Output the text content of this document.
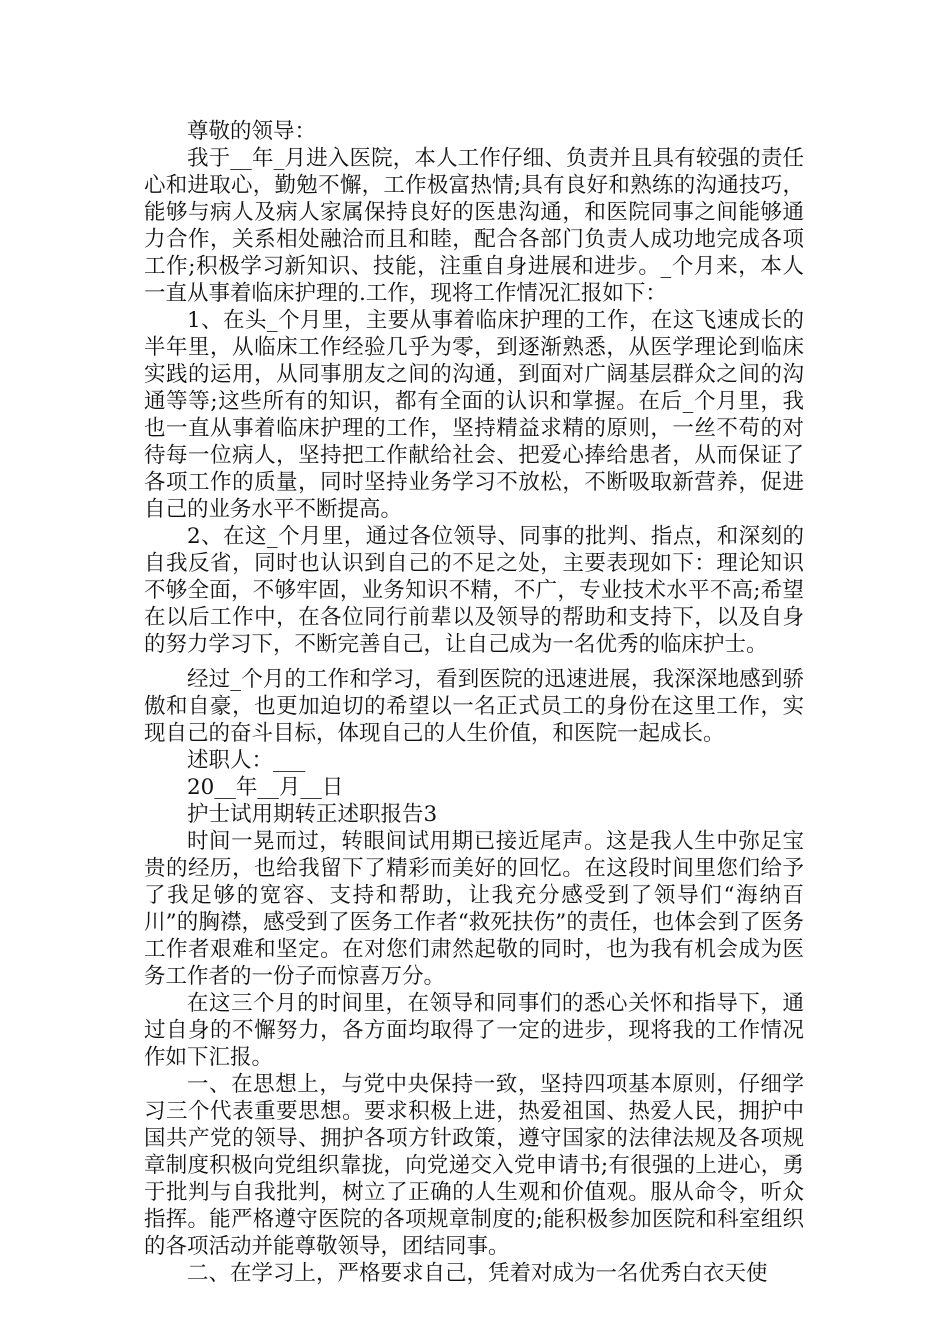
尊敬的领导：

我于__年_月进入医院，本人工作仔细、负责并且具有较强的责任心和进取心，勤勉不懈，工作极富热情;具有良好和熟练的沟通技巧，能够与病人及病人家属保持良好的医患沟通，和医院同事之间能够通力合作，关系相处融洽而且和睦，配合各部门负责人成功地完成各项工作;积极学习新知识、技能，注重自身进展和进步。_个月来，本人一直从事着临床护理的.工作，现将工作情况汇报如下：

1、在头_个月里，主要从事着临床护理的工作，在这飞速成长的半年里，从临床工作经验几乎为零，到逐渐熟悉，从医学理论到临床实践的运用，从同事朋友之间的沟通，到面对广阔基层群众之间的沟通等等;这些所有的知识，都有全面的认识和掌握。在后_个月里，我也一直从事着临床护理的工作，坚持精益求精的原则，一丝不苟的对待每一位病人，坚持把工作献给社会、把爱心捧给患者，从而保证了各项工作的质量，同时坚持业务学习不放松，不断吸取新营养，促进自己的业务水平不断提高。

2、在这_个月里，通过各位领导、同事的批判、指点，和深刻的自我反省，同时也认识到自己的不足之处，主要表现如下：理论知识不够全面，不够牢固，业务知识不精，不广，专业技术水平不高;希望在以后工作中，在各位同行前辈以及领导的帮助和支持下，以及自身的努力学习下，不断完善自己，让自己成为一名优秀的临床护士。

经过_个月的工作和学习，看到医院的迅速进展，我深深地感到骄傲和自豪，也更加迫切的希望以一名正式员工的身份在这里工作，实现自己的奋斗目标，体现自己的人生价值，和医院一起成长。

述职人：___

20__年__月__日

护士试用期转正述职报告3

时间一晃而过，转眼间试用期已接近尾声。这是我人生中弥足宝贵的经历，也给我留下了精彩而美好的回忆。在这段时间里您们给予了我足够的宽容、支持和帮助，让我充分感受到了领导们“海纳百川”的胸襟，感受到了医务工作者“救死扶伤”的责任，也体会到了医务工作者艰难和坚定。在对您们肃然起敬的同时，也为我有机会成为医务工作者的一份子而惊喜万分。

在这三个月的时间里，在领导和同事们的悉心关怀和指导下，通过自身的不懈努力，各方面均取得了一定的进步，现将我的工作情况作如下汇报。

一、在思想上，与党中央保持一致，坚持四项基本原则，仔细学习三个代表重要思想。要求积极上进，热爱祖国、热爱人民，拥护中国共产党的领导、拥护各项方针政策，遵守国家的法律法规及各项规章制度积极向党组织靠拢，向党递交入党申请书;有很强的上进心，勇于批判与自我批判，树立了正确的人生观和价值观。服从命令，听众指挥。能严格遵守医院的各项规章制度的;能积极参加医院和科室组织的各项活动并能尊敬领导，团结同事。

二、在学习上，严格要求自己，凭着对成为一名优秀白衣天使
